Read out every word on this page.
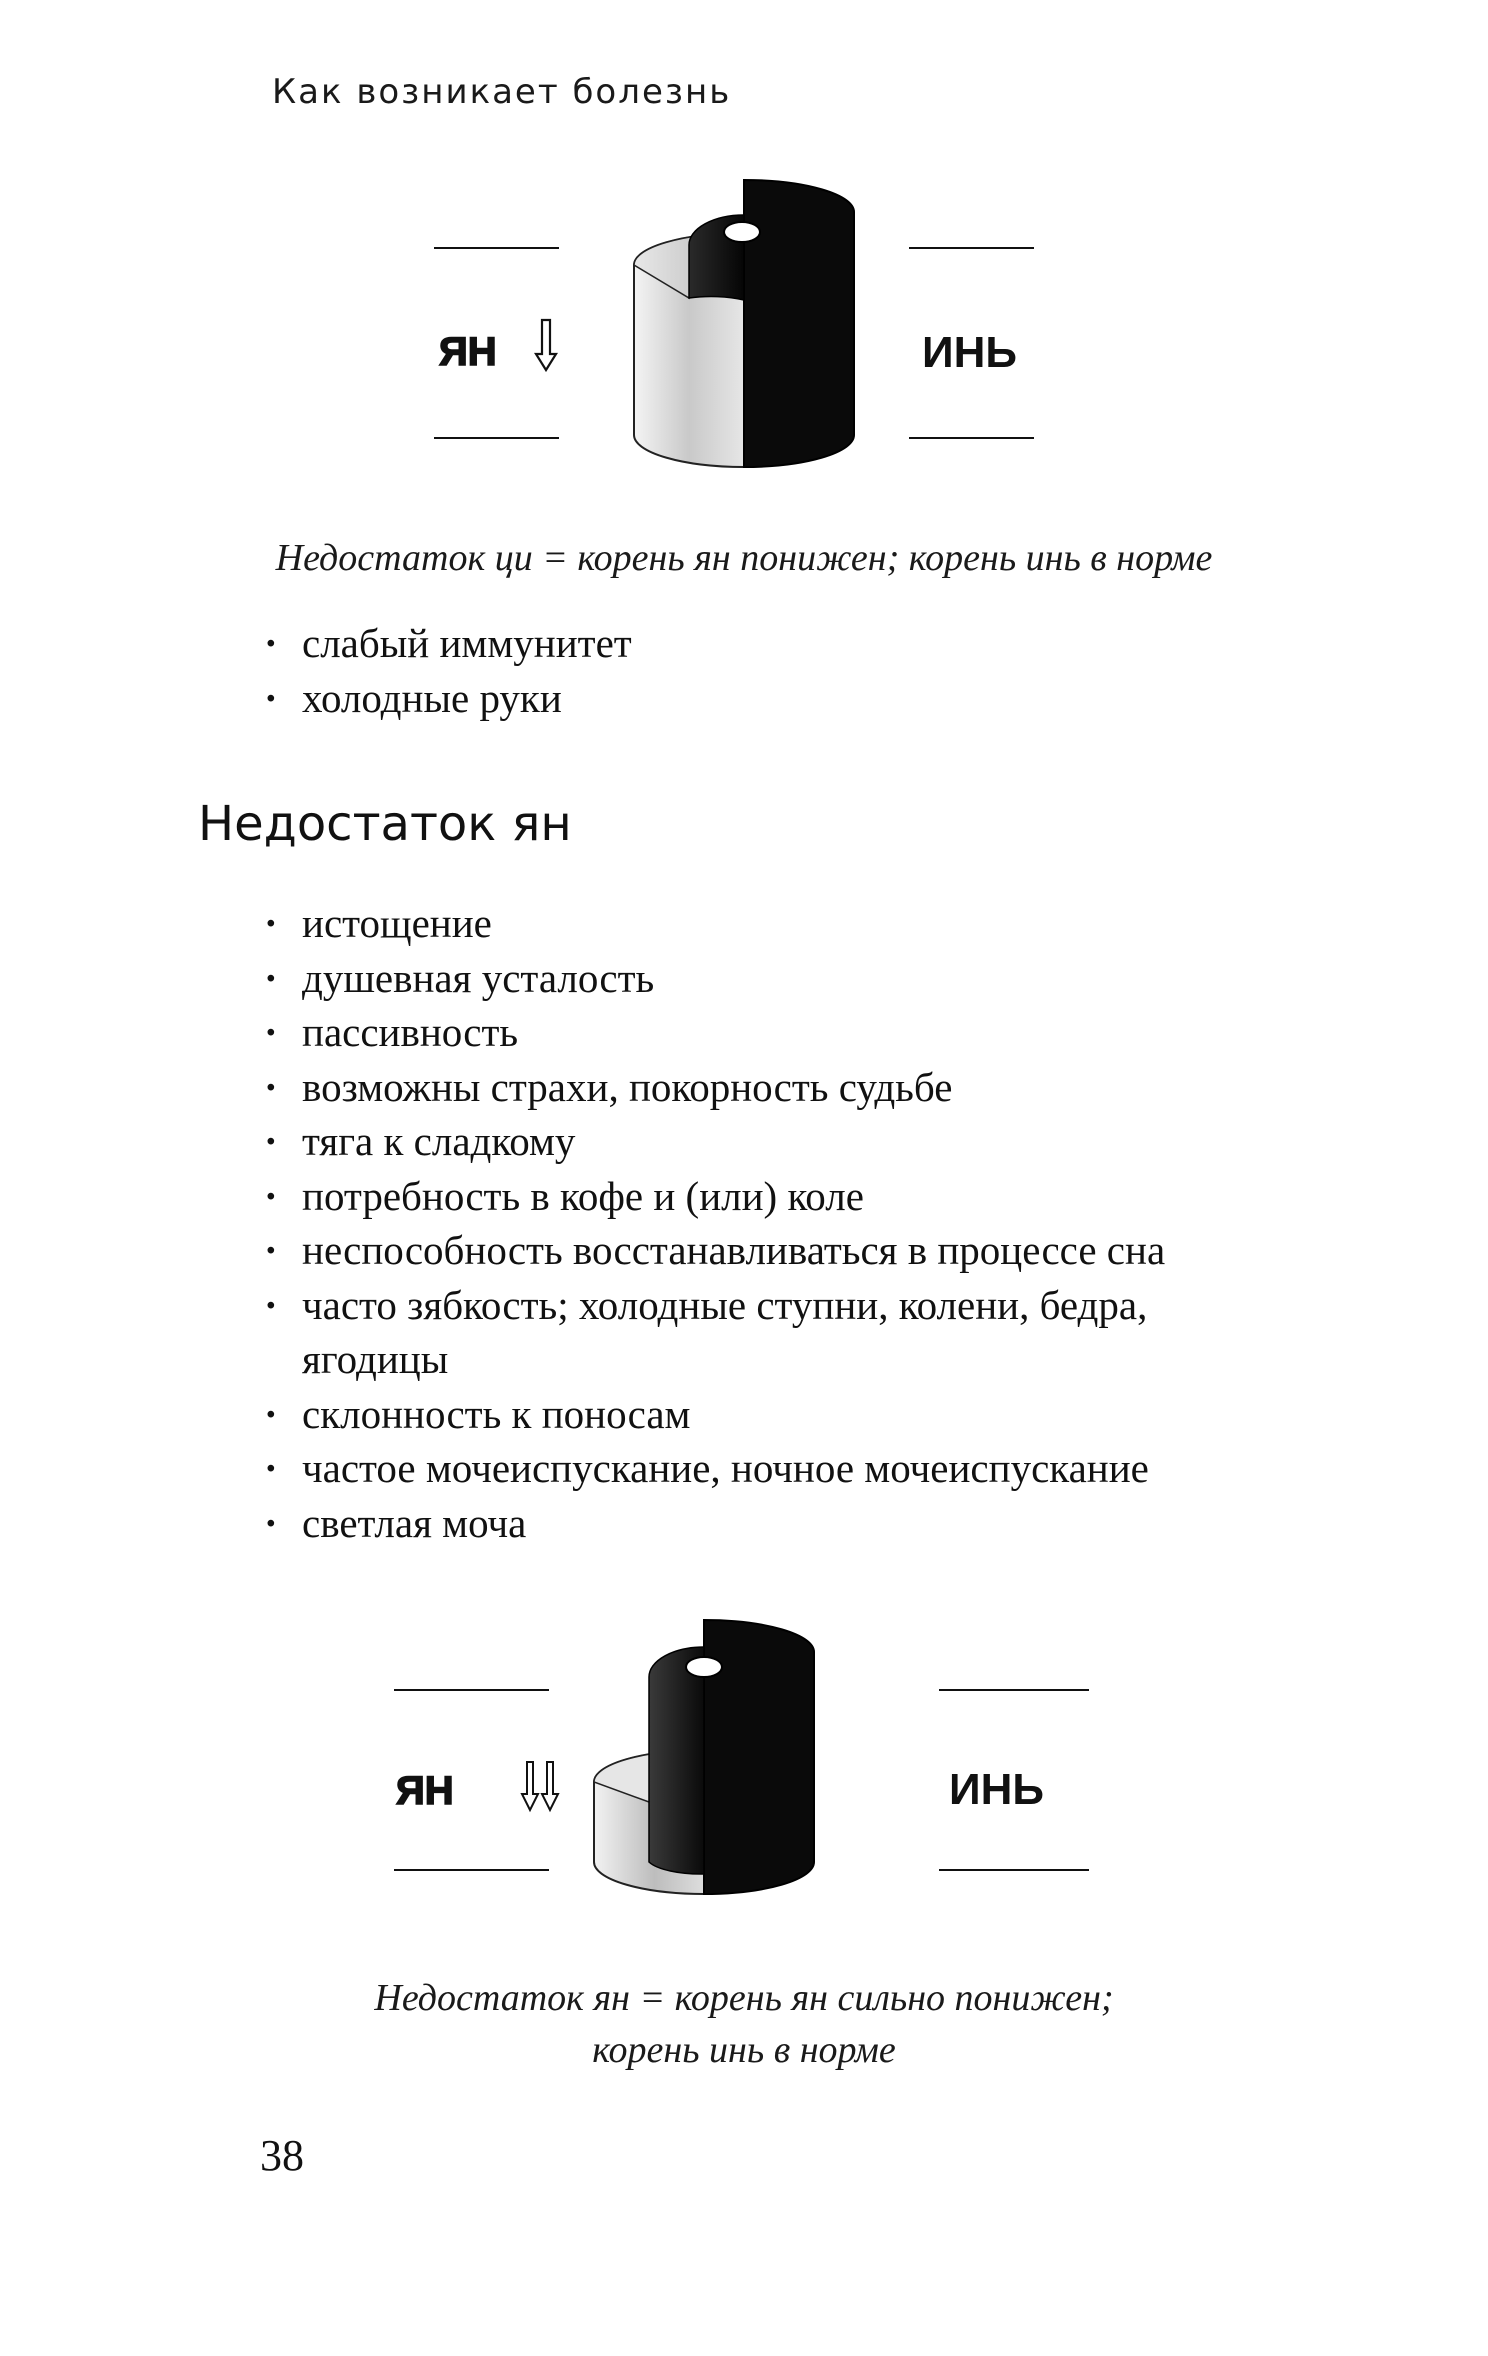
Как возникает болезнь
ЯН	ИНЬ
Недостаток ци = корень ян понижен; корень инь в норме
· слабый иммунитет
· холодные руки
Недостаток ян
· истощение
· душевная усталость
· пассивность
· возможны страхи, покорность судьбе
· тяга к сладкому
· потребность в кофе и (или) коле
· неспособность восстанавливаться в процессе сна
· часто зябкость; холодные ступни, колени, бедра, ягодицы
· склонность к поносам
· частое мочеиспускание, ночное мочеиспускание
· светлая моча
ЯН	ИНЬ
Недостаток ян = корень ян сильно понижен;
корень инь в норме
38
